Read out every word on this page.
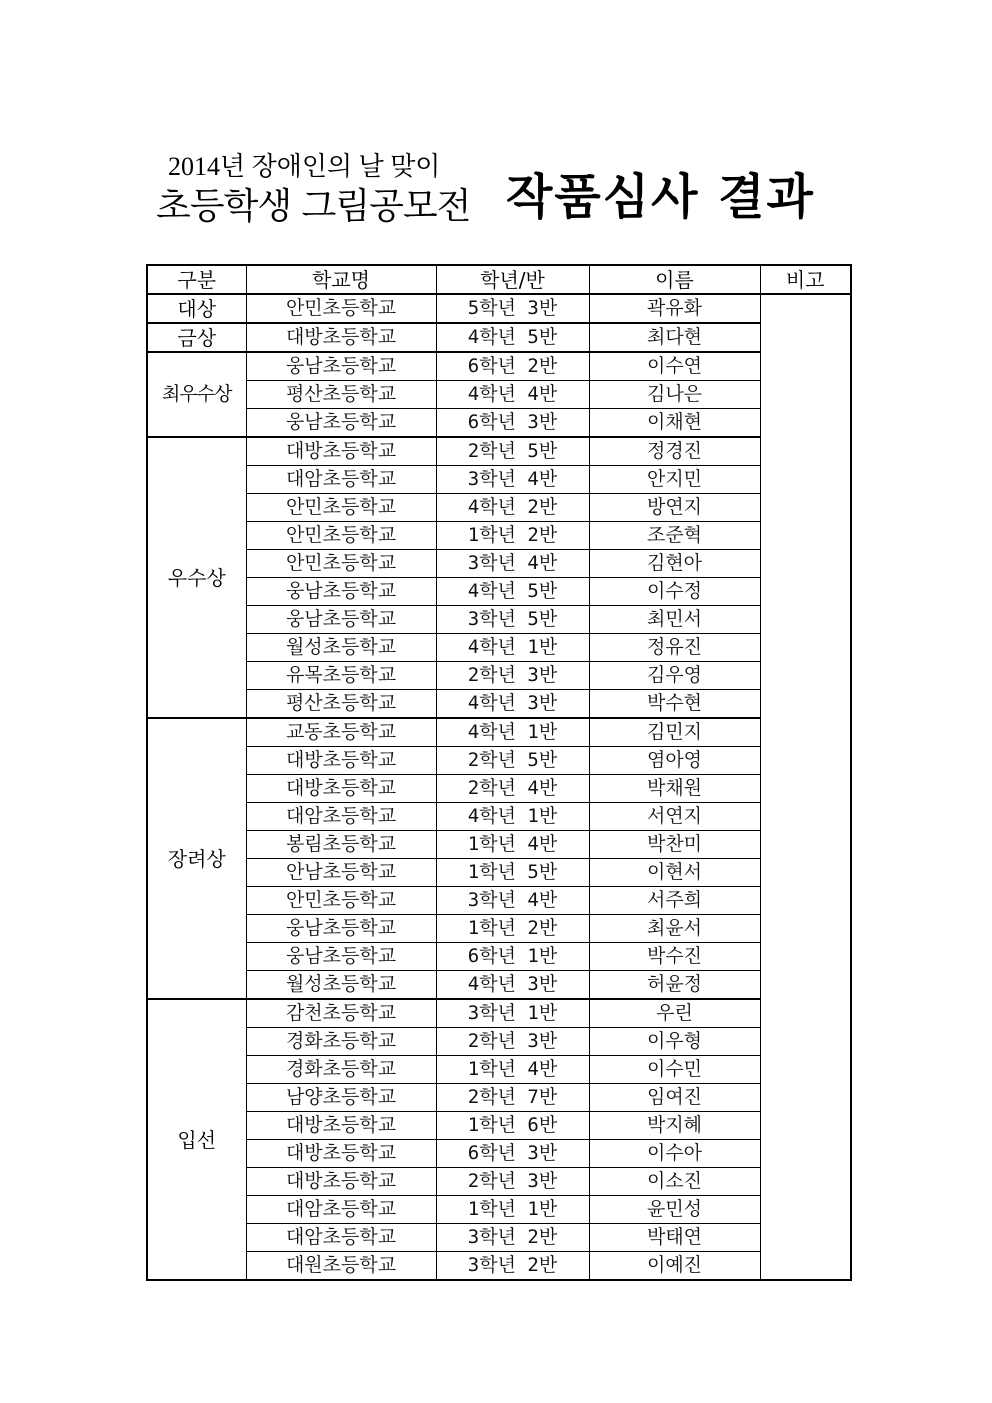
2014년 장애인의 날 맞이
초등학생 그림공모전 작품심사 결과
구분	학교명	학년/반	이름	비고
대상	안민초등학교	5학년 3반	곽유화	
금상	대방초등학교	4학년 5반	최다현	
최우수상	웅남초등학교	6학년 2반	이수연	
	평산초등학교	4학년 4반	김나은	
	웅남초등학교	6학년 3반	이채현	
우수상	대방초등학교	2학년 5반	정경진	
	대암초등학교	3학년 4반	안지민	
	안민초등학교	4학년 2반	방연지	
	안민초등학교	1학년 2반	조준혁	
	안민초등학교	3학년 4반	김현아	
	웅남초등학교	4학년 5반	이수정	
	웅남초등학교	3학년 5반	최민서	
	월성초등학교	4학년 1반	정유진	
	유목초등학교	2학년 3반	김우영	
	평산초등학교	4학년 3반	박수현	
장려상	교동초등학교	4학년 1반	김민지	
	대방초등학교	2학년 5반	염아영	
	대방초등학교	2학년 4반	박채원	
	대암초등학교	4학년 1반	서연지	
	봉림초등학교	1학년 4반	박찬미	
	안남초등학교	1학년 5반	이현서	
	안민초등학교	3학년 4반	서주희	
	웅남초등학교	1학년 2반	최윤서	
	웅남초등학교	6학년 1반	박수진	
	월성초등학교	4학년 3반	허윤정	
입선	감천초등학교	3학년 1반	우린	
	경화초등학교	2학년 3반	이우형	
	경화초등학교	1학년 4반	이수민	
	남양초등학교	2학년 7반	임여진	
	대방초등학교	1학년 6반	박지혜	
	대방초등학교	6학년 3반	이수아	
	대방초등학교	2학년 3반	이소진	
	대암초등학교	1학년 1반	윤민성	
	대암초등학교	3학년 2반	박태연	
	대원초등학교	3학년 2반	이예진	
